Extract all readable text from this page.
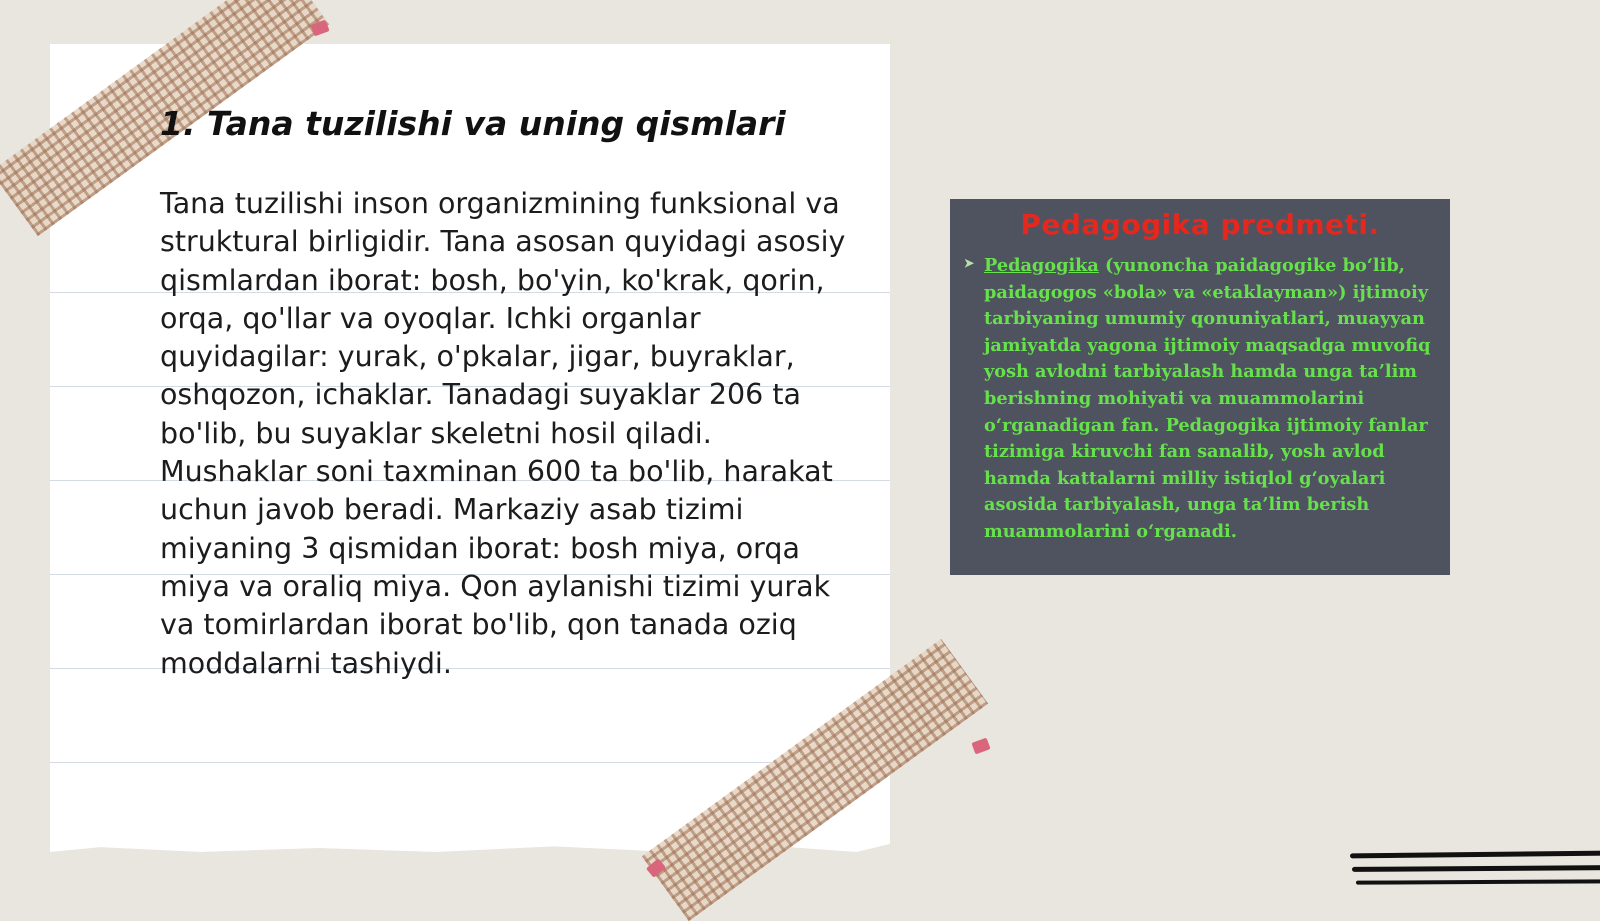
1. Tana tuzilishi va uning qismlari

Tana tuzilishi inson organizmining funksional va struktural birligidir. Tana asosan quyidagi asosiy qismlardan iborat: bosh, bo'yin, ko'krak, qorin, orqa, qo'llar va oyoqlar. Ichki organlar quyidagilar: yurak, o'pkalar, jigar, buyraklar, oshqozon, ichaklar. Tanadagi suyaklar 206 ta bo'lib, bu suyaklar skeletni hosil qiladi. Mushaklar soni taxminan 600 ta bo'lib, harakat uchun javob beradi. Markaziy asab tizimi miyaning 3 qismidan iborat: bosh miya, orqa miya va oraliq miya. Qon aylanishi tizimi yurak va tomirlardan iborat bo'lib, qon tanada oziq moddalarni tashiydi.

Pedagogika predmeti.

➤ Pedagogika (yunoncha paidagogike bo‘lib, paidagogos «bola» va «etaklayman») ijtimoiy tarbiyaning umumiy qonuniyatlari, muayyan jamiyatda yagona ijtimoiy maqsadga muvofiq yosh avlodni tarbiyalash hamda unga ta’lim berishning mohiyati va muammolarini o‘rganadigan fan. Pedagogika ijtimoiy fanlar tizimiga kiruvchi fan sanalib, yosh avlod hamda kattalarni milliy istiqlol g‘oyalari asosida tarbiyalash, unga ta’lim berish muammolarini o‘rganadi.
